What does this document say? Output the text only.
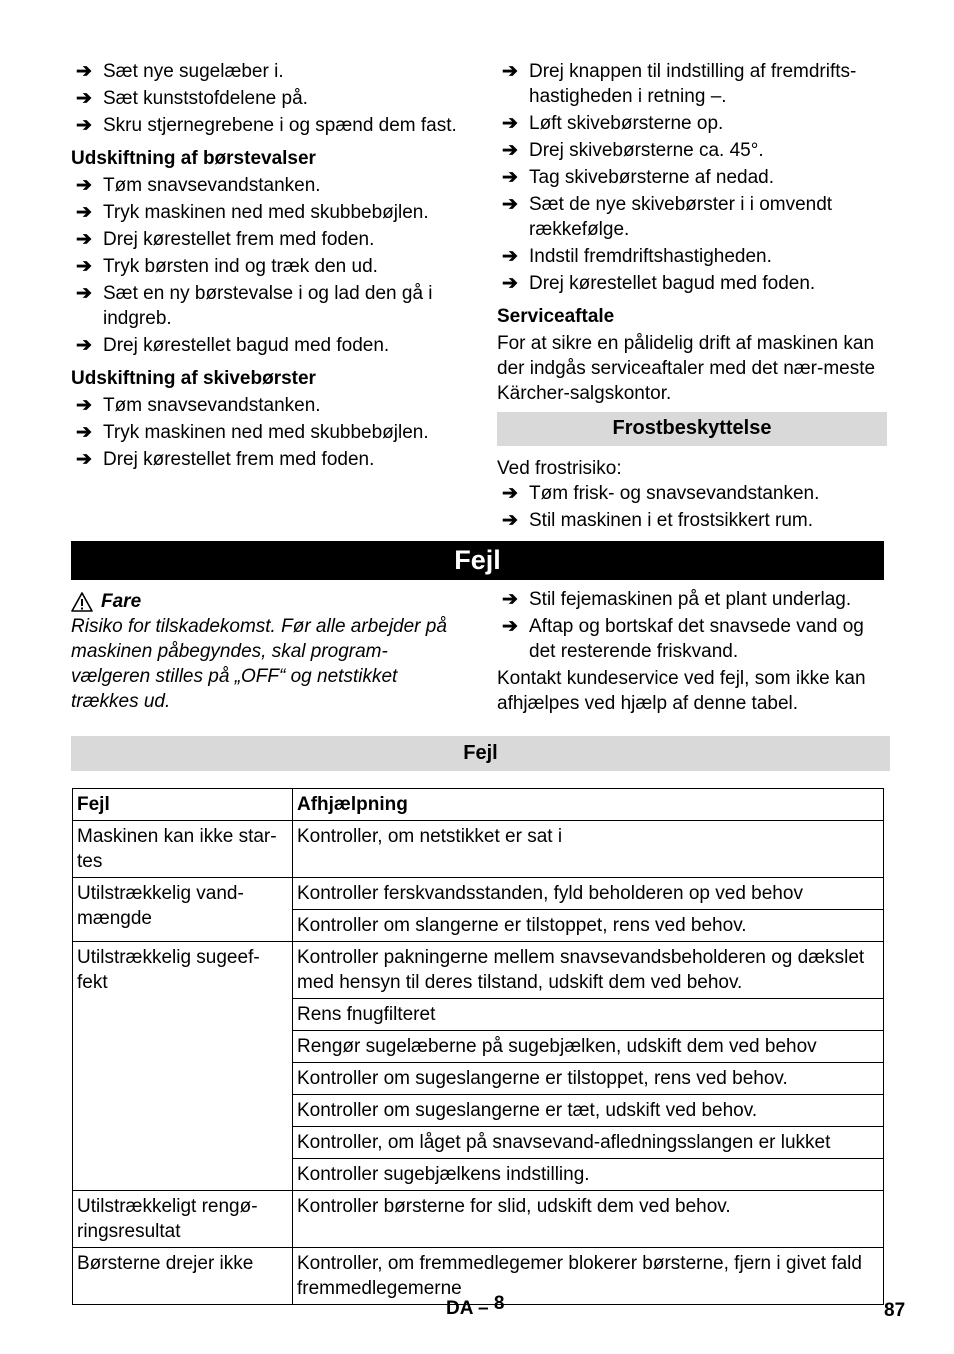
➔ Sæt nye sugelæber i.
➔ Sæt kunststofdelene på.
➔ Skru stjernegrebene i og spænd dem fast.
Udskiftning af børstevalser
➔ Tøm snavsevandstanken.
➔ Tryk maskinen ned med skubbebøjlen.
➔ Drej kørestellet frem med foden.
➔ Tryk børsten ind og træk den ud.
➔ Sæt en ny børstevalse i og lad den gå i indgreb.
➔ Drej kørestellet bagud med foden.
Udskiftning af skivebørster
➔ Tøm snavsevandstanken.
➔ Tryk maskinen ned med skubbebøjlen.
➔ Drej kørestellet frem med foden.
➔ Drej knappen til indstilling af fremdrifts-hastigheden i retning –.
➔ Løft skivebørsterne op.
➔ Drej skivebørsterne ca. 45°.
➔ Tag skivebørsterne af nedad.
➔ Sæt de nye skivebørster i i omvendt rækkefølge.
➔ Indstil fremdriftshastigheden.
➔ Drej kørestellet bagud med foden.
Serviceaftale

For at sikre en pålidelig drift af maskinen kan der indgås serviceaftaler med det nær-meste Kärcher-salgskontor.

Frostbeskyttelse

Ved frostrisiko:

➔ Tøm frisk- og snavsevandstanken.
➔ Stil maskinen i et frostsikkert rum.
Fejl
Fare

Risiko for tilskadekomst. Før alle arbejder på maskinen påbegyndes, skal program-vælgeren stilles på „OFF“ og netstikket trækkes ud.

➔ Stil fejemaskinen på et plant underlag.
➔ Aftap og bortskaf det snavsede vand og det resterende friskvand.

Kontakt kundeservice ved fejl, som ikke kan afhjælpes ved hjælp af denne tabel.

Fejl
Fejl	Afhjælpning
Maskinen kan ikke star-tes	Kontroller, om netstikket er sat i
Utilstrækkelig vand-mængde	Kontroller ferskvandsstanden, fyld beholderen op ved behov
	Kontroller om slangerne er tilstoppet, rens ved behov.
Utilstrækkelig sugeef-fekt	Kontroller pakningerne mellem snavsevandsbeholderen og dækslet med hensyn til deres tilstand, udskift dem ved behov.
	Rens fnugfilteret
	Rengør sugelæberne på sugebjælken, udskift dem ved behov
	Kontroller om sugeslangerne er tilstoppet, rens ved behov.
	Kontroller om sugeslangerne er tæt, udskift ved behov.
	Kontroller, om låget på snavsevand-afledningsslangen er lukket
	Kontroller sugebjælkens indstilling.
Utilstrækkeligt rengø-ringsresultat	Kontroller børsterne for slid, udskift dem ved behov.
Børsterne drejer ikke	Kontroller, om fremmedlegemer blokerer børsterne, fjern i givet fald fremmedlegemerne
DA – 8	87
